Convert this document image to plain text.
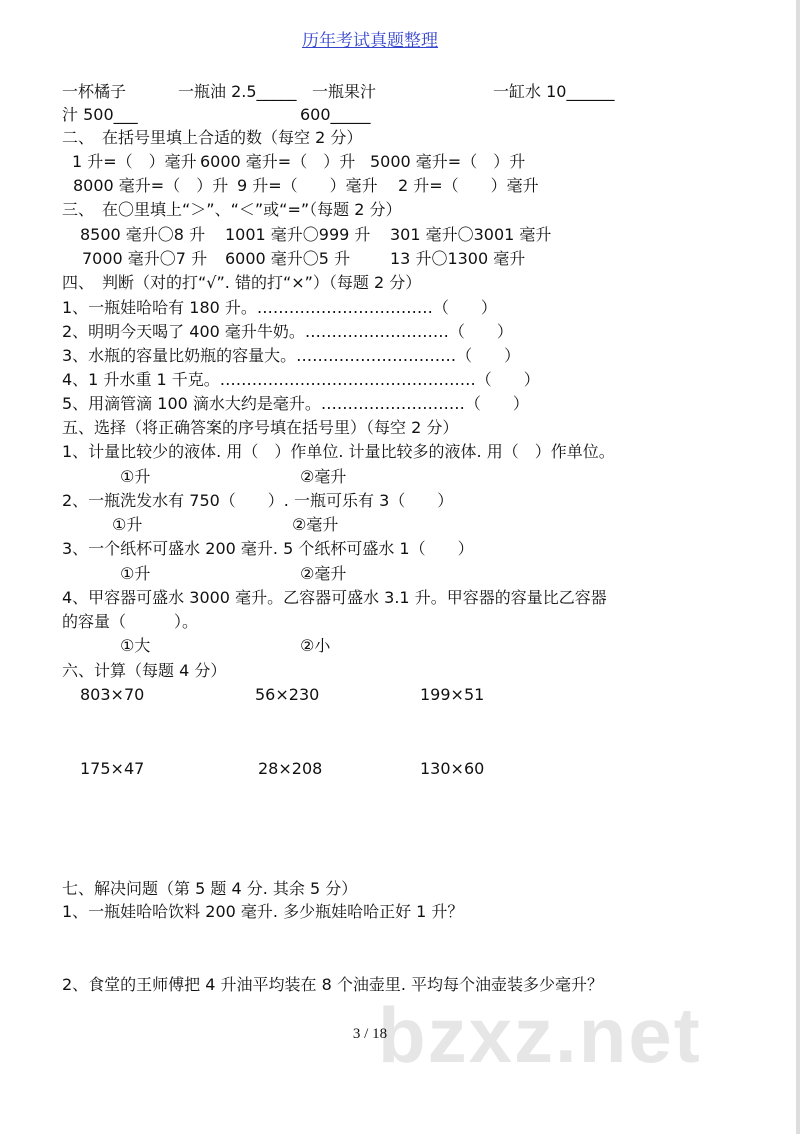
历年考试真题整理
一杯橘子	一瓶油 2.5_____ 一瓶果汁	一缸水 10______
汁 500___	600_____
二、　在括号里填上合适的数（每空 2 分）
1 升=（　）毫升 6000 毫升=（　）升 5000 毫升=（　）升
8000 毫升=（　）升 9 升=（　　）毫升 2 升=（　　）毫升
三、　在〇里填上“＞”、“＜”或“=”（每题 2 分）
8500 毫升〇8 升 1001 毫升〇999 升 301 毫升〇3001 毫升
7000 毫升〇7 升 6000 毫升〇5 升 13 升〇1300 毫升
四、　判断（对的打“√”. 错的打“×”）（每题 2 分）
1、一瓶娃哈哈有 180 升。……………………………（　　）
2、明明今天喝了 400 毫升牛奶。………………………（　　）
3、水瓶的容量比奶瓶的容量大。…………………………（　　）
4、1 升水重 1 千克。…………………………………………（　　）
5、用滴管滴 100 滴水大约是毫升。………………………（　　）
五、选择（将正确答案的序号填在括号里）（每空 2 分）
1、计量比较少的液体. 用（　）作单位. 计量比较多的液体. 用（　）作单位。
①升	②毫升
2、一瓶洗发水有 750（　　）. 一瓶可乐有 3（　　）
①升	②毫升
3、一个纸杯可盛水 200 毫升. 5 个纸杯可盛水 1（　　）
①升	②毫升
4、甲容器可盛水 3000 毫升。乙容器可盛水 3.1 升。甲容器的容量比乙容器
的容量（　　　）。
①大	②小
六、计算（每题 4 分）
803×70	56×230	199×51
175×47	28×208	130×60
七、解决问题（第 5 题 4 分. 其余 5 分）
1、一瓶娃哈哈饮料 200 毫升. 多少瓶娃哈哈正好 1 升？
2、食堂的王师傅把 4 升油平均装在 8 个油壶里. 平均每个油壶装多少毫升？
bzxz.net
3 / 18
